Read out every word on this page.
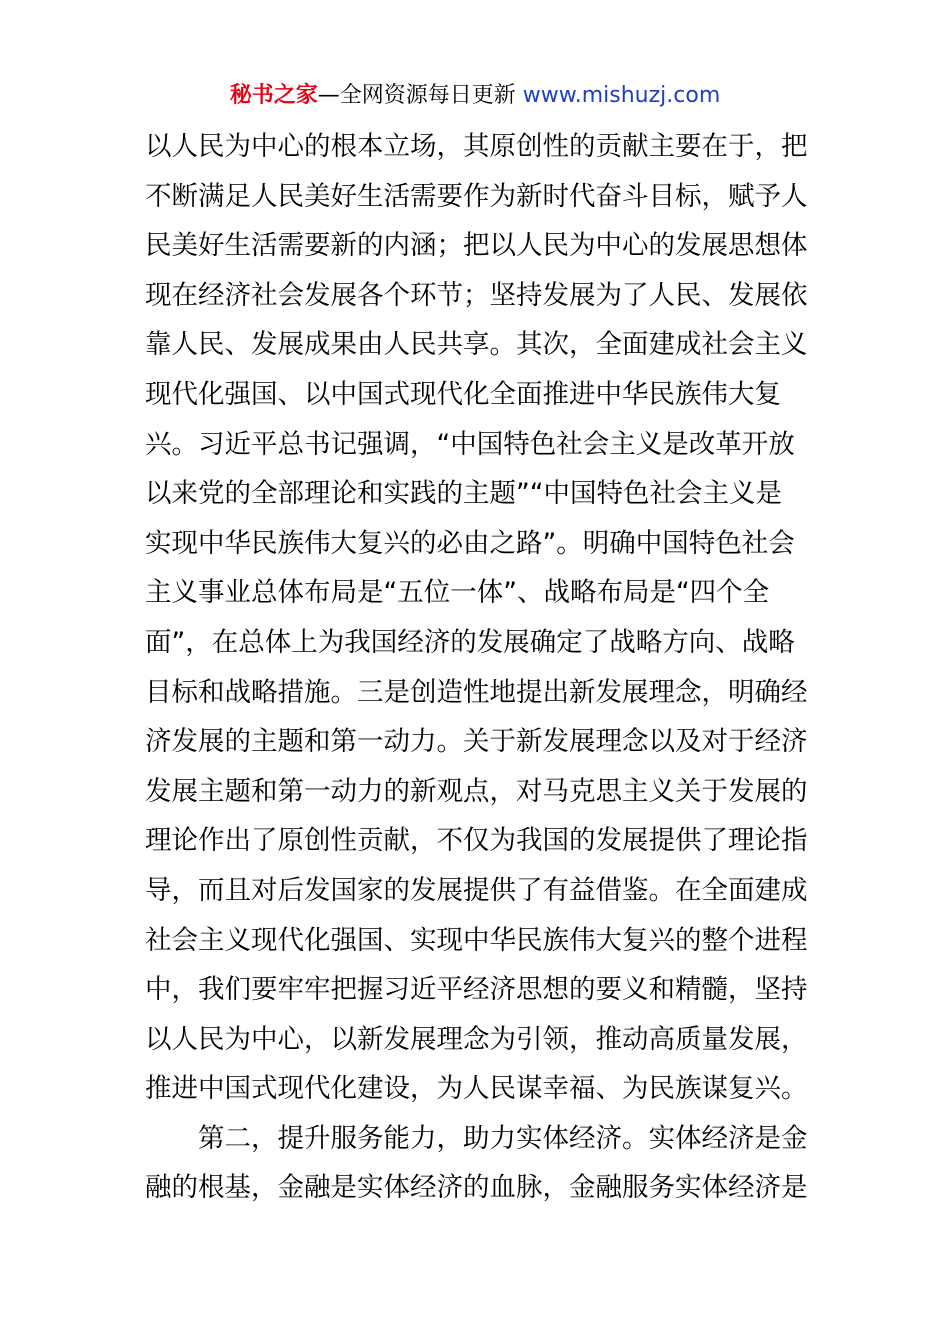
秘书之家—全网资源每日更新 www.mishuzj.com
以人民为中心的根本立场，其原创性的贡献主要在于，把
不断满足人民美好生活需要作为新时代奋斗目标，赋予人
民美好生活需要新的内涵；把以人民为中心的发展思想体
现在经济社会发展各个环节；坚持发展为了人民、发展依
靠人民、发展成果由人民共享。其次，全面建成社会主义
现代化强国、以中国式现代化全面推进中华民族伟大复
兴。习近平总书记强调，“中国特色社会主义是改革开放
以来党的全部理论和实践的主题”“中国特色社会主义是
实现中华民族伟大复兴的必由之路”。明确中国特色社会
主义事业总体布局是“五位一体”、战略布局是“四个全
面”，在总体上为我国经济的发展确定了战略方向、战略
目标和战略措施。三是创造性地提出新发展理念，明确经
济发展的主题和第一动力。关于新发展理念以及对于经济
发展主题和第一动力的新观点，对马克思主义关于发展的
理论作出了原创性贡献，不仅为我国的发展提供了理论指
导，而且对后发国家的发展提供了有益借鉴。在全面建成
社会主义现代化强国、实现中华民族伟大复兴的整个进程
中，我们要牢牢把握习近平经济思想的要义和精髓，坚持
以人民为中心，以新发展理念为引领，推动高质量发展，
推进中国式现代化建设，为人民谋幸福、为民族谋复兴。
第二，提升服务能力，助力实体经济。实体经济是金
融的根基，金融是实体经济的血脉，金融服务实体经济是
